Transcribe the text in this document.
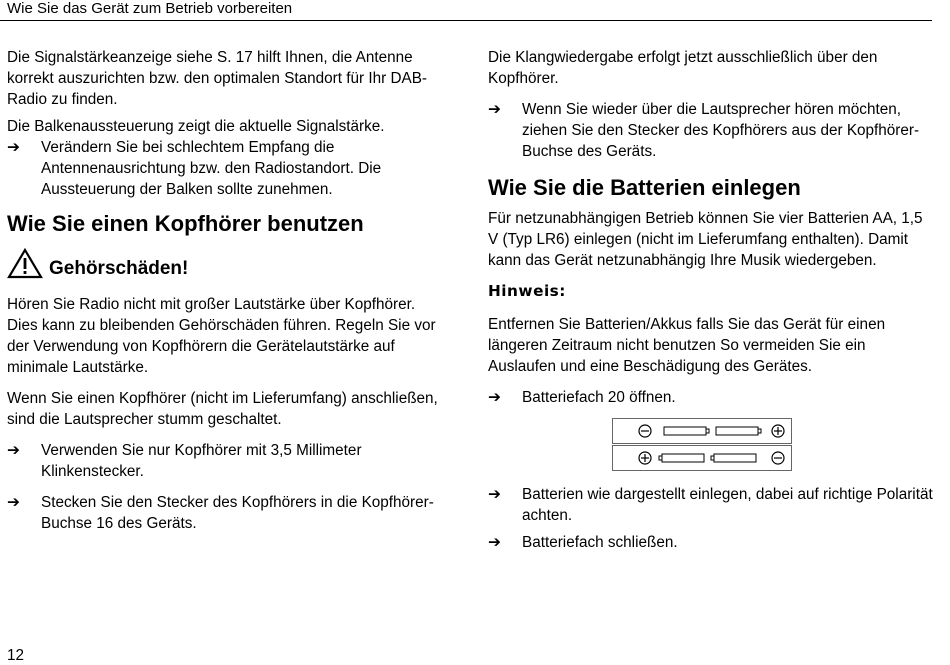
Wie Sie das Gerät zum Betrieb vorbereiten

Die Signalstärkeanzeige siehe S. 17 hilft Ihnen, die Antenne korrekt auszurichten bzw. den optimalen Standort für Ihr DAB-Radio zu finden.

Die Balkenaussteuerung zeigt die aktuelle Signalstärke.

➔ Verändern Sie bei schlechtem Empfang die Antennenausrichtung bzw. den Radiostandort. Die Aussteuerung der Balken sollte zunehmen.
Wie Sie einen Kopfhörer benutzen
Gehörschäden!

Hören Sie Radio nicht mit großer Lautstärke über Kopfhörer. Dies kann zu bleibenden Gehörschäden führen. Regeln Sie vor der Verwendung von Kopfhörern die Gerätelautstärke auf minimale Lautstärke.

Wenn Sie einen Kopfhörer (nicht im Lieferumfang) anschließen, sind die Lautsprecher stumm geschaltet.

➔ Verwenden Sie nur Kopfhörer mit 3,5 Millimeter Klinkenstecker.
➔ Stecken Sie den Stecker des Kopfhörers in die Kopfhörer-Buchse 16 des Geräts.

Die Klangwiedergabe erfolgt jetzt ausschließlich über den Kopfhörer.

➔ Wenn Sie wieder über die Lautsprecher hören möchten, ziehen Sie den Stecker des Kopfhörers aus der Kopfhörer-Buchse des Geräts.
Wie Sie die Batterien einlegen

Für netzunabhängigen Betrieb können Sie vier Batterien AA, 1,5 V (Typ LR6) einlegen (nicht im Lieferumfang enthalten). Damit kann das Gerät netzunabhängig Ihre Musik wiedergeben.

Hinweis:

Entfernen Sie Batterien/Akkus falls Sie das Gerät für einen längeren Zeitraum nicht benutzen So vermeiden Sie ein Auslaufen und eine Beschädigung des Gerätes.

➔ Batteriefach 20 öffnen.
➔ Batterien wie dargestellt einlegen, dabei auf richtige Polarität achten.
➔ Batteriefach schließen.
12
